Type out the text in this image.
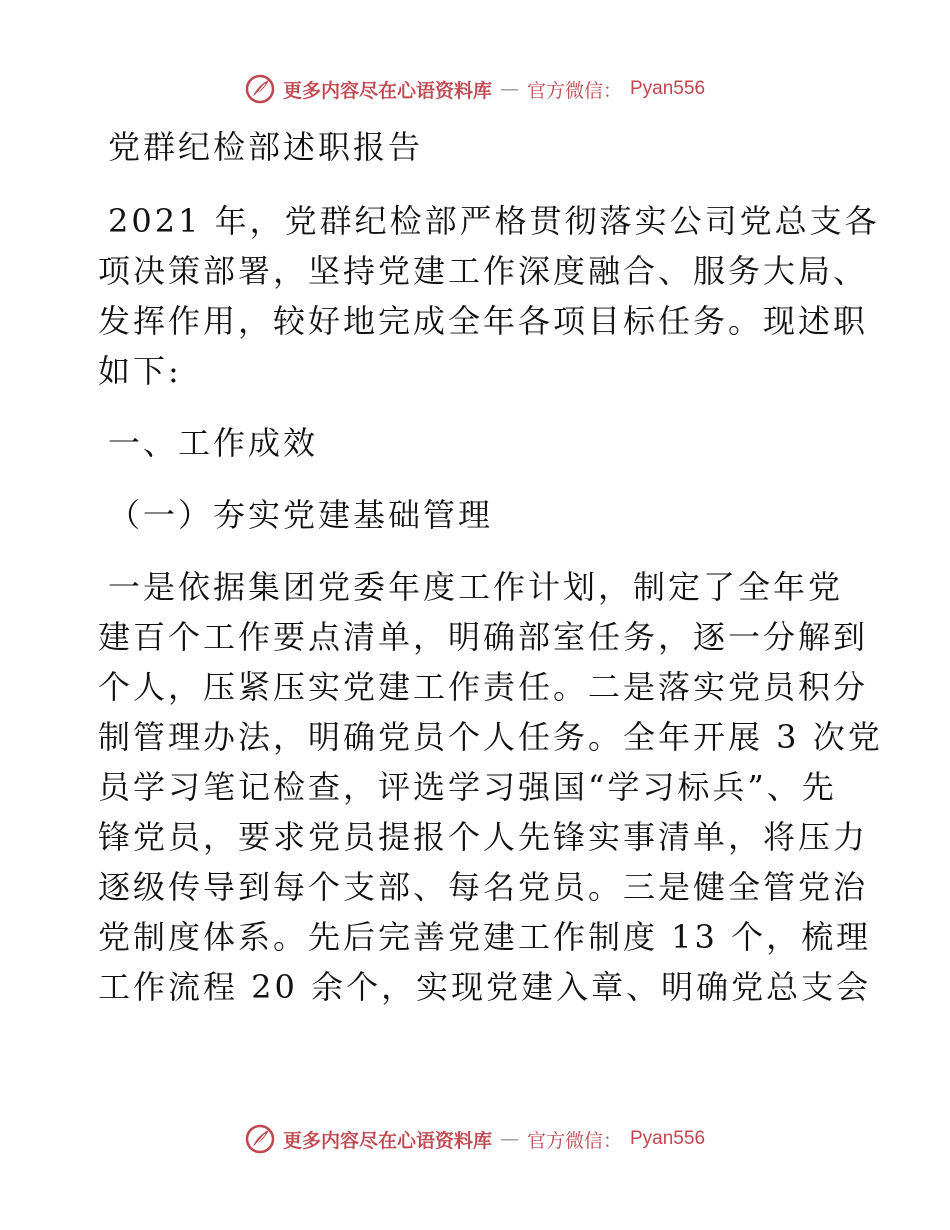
更多内容尽在心语资料库 — 官方微信： Pyan556
党群纪检部述职报告
2021 年，党群纪检部严格贯彻落实公司党总支各
项决策部署，坚持党建工作深度融合、服务大局、
发挥作用，较好地完成全年各项目标任务。现述职
如下:
一、工作成效
（一）夯实党建基础管理
一是依据集团党委年度工作计划，制定了全年党
建百个工作要点清单，明确部室任务，逐一分解到
个人，压紧压实党建工作责任。二是落实党员积分
制管理办法，明确党员个人任务。全年开展 3 次党
员学习笔记检查，评选学习强国“学习标兵”、先
锋党员，要求党员提报个人先锋实事清单，将压力
逐级传导到每个支部、每名党员。三是健全管党治
党制度体系。先后完善党建工作制度 13 个，梳理
工作流程 20 余个，实现党建入章、明确党总支会
更多内容尽在心语资料库 — 官方微信： Pyan556
